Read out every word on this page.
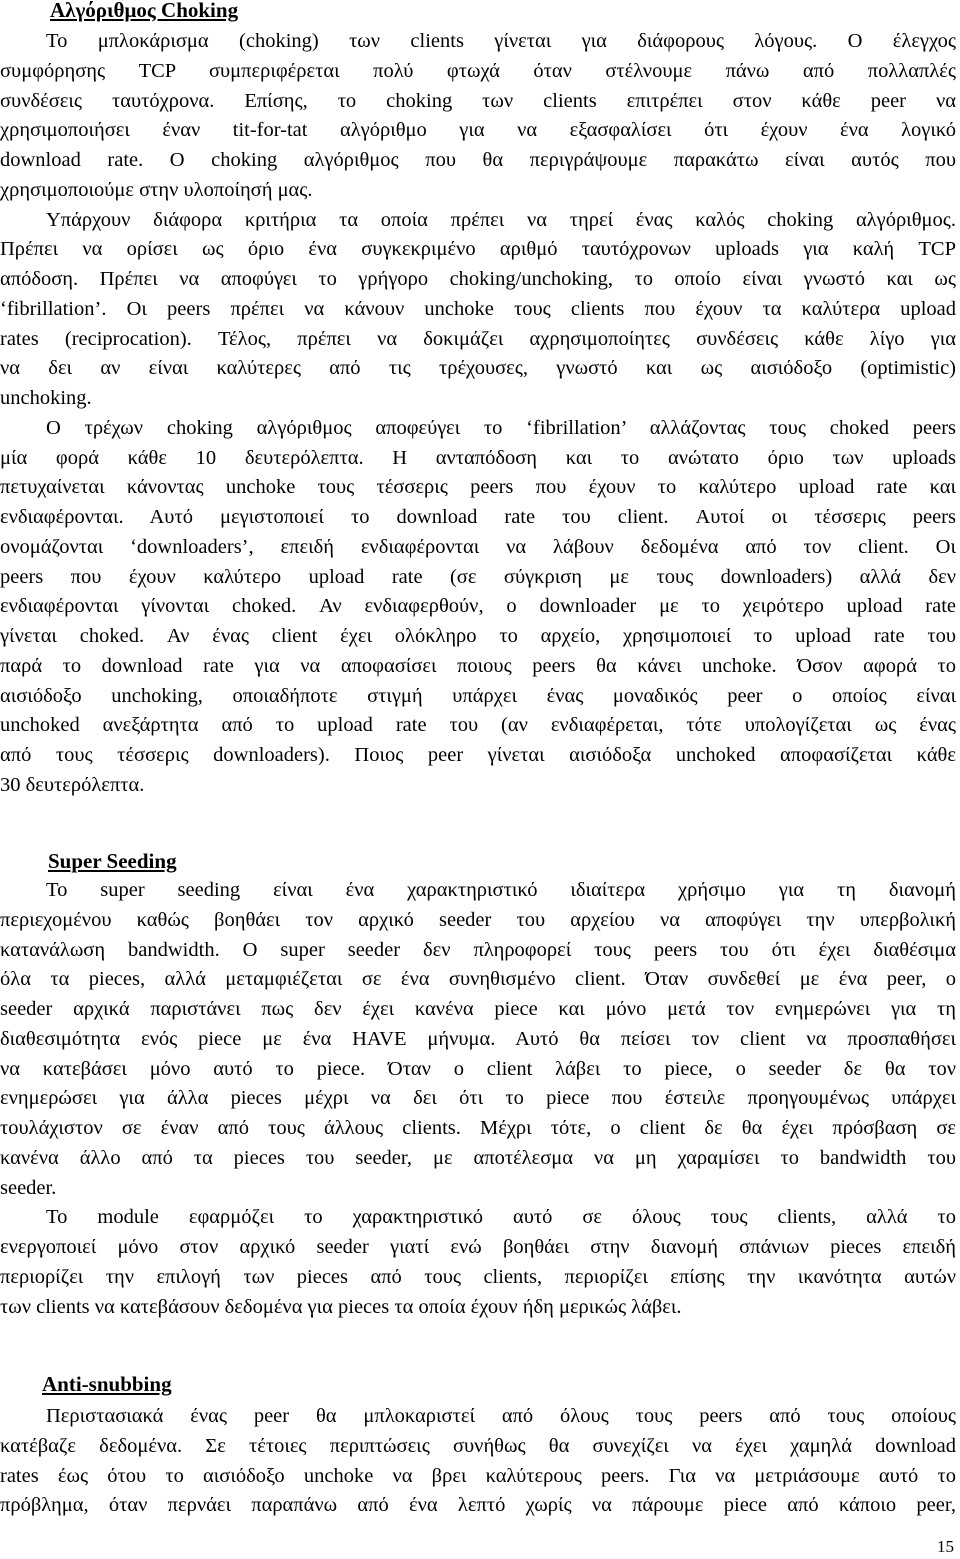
Αλγόριθμος Choking
Το μπλοκάρισμα (choking) των clients γίνεται για διάφορους λόγους. Ο έλεγχος
συμφόρησης TCP συμπεριφέρεται πολύ φτωχά όταν στέλνουμε πάνω από πολλαπλές
συνδέσεις ταυτόχρονα. Επίσης, το choking των clients επιτρέπει στον κάθε peer να
χρησιμοποιήσει έναν tit-for-tat αλγόριθμο για να εξασφαλίσει ότι έχουν ένα λογικό
download rate. Ο choking αλγόριθμος που θα περιγράψουμε παρακάτω είναι αυτός που
χρησιμοποιούμε στην υλοποίησή μας.
Υπάρχουν διάφορα κριτήρια τα οποία πρέπει να τηρεί ένας καλός choking αλγόριθμος.
Πρέπει να ορίσει ως όριο ένα συγκεκριμένο αριθμό ταυτόχρονων uploads για καλή TCP
απόδοση. Πρέπει να αποφύγει το γρήγορο choking/unchoking, το οποίο είναι γνωστό και ως
‘fibrillation’. Οι peers πρέπει να κάνουν unchoke τους clients που έχουν τα καλύτερα upload
rates (reciprocation). Τέλος, πρέπει να δοκιμάζει αχρησιμοποίητες συνδέσεις κάθε λίγο για
να δει αν είναι καλύτερες από τις τρέχουσες, γνωστό και ως αισιόδοξο (optimistic)
unchoking.
Ο τρέχων choking αλγόριθμος αποφεύγει το ‘fibrillation’ αλλάζοντας τους choked peers
μία φορά κάθε 10 δευτερόλεπτα. Η ανταπόδοση και το ανώτατο όριο των uploads
πετυχαίνεται κάνοντας unchoke τους τέσσερις peers που έχουν το καλύτερο upload rate και
ενδιαφέρονται. Αυτό μεγιστοποιεί το download rate του client. Αυτοί οι τέσσερις peers
ονομάζονται ‘downloaders’, επειδή ενδιαφέρονται να λάβουν δεδομένα από τον client. Οι
peers που έχουν καλύτερο upload rate (σε σύγκριση με τους downloaders) αλλά δεν
ενδιαφέρονται γίνονται choked. Αν ενδιαφερθούν, ο downloader με το χειρότερο upload rate
γίνεται choked. Αν ένας client έχει ολόκληρο το αρχείο, χρησιμοποιεί το upload rate του
παρά το download rate για να αποφασίσει ποιους peers θα κάνει unchoke. Όσον αφορά το
αισιόδοξο unchoking, οποιαδήποτε στιγμή υπάρχει ένας μοναδικός peer ο οποίος είναι
unchoked ανεξάρτητα από το upload rate του (αν ενδιαφέρεται, τότε υπολογίζεται ως ένας
από τους τέσσερις downloaders). Ποιος peer γίνεται αισιόδοξα unchoked αποφασίζεται κάθε
30 δευτερόλεπτα.
Super Seeding
Το super seeding είναι ένα χαρακτηριστικό ιδιαίτερα χρήσιμο για τη διανομή
περιεχομένου καθώς βοηθάει τον αρχικό seeder του αρχείου να αποφύγει την υπερβολική
κατανάλωση bandwidth. Ο super seeder δεν πληροφορεί τους peers του ότι έχει διαθέσιμα
όλα τα pieces, αλλά μεταμφιέζεται σε ένα συνηθισμένο client. Όταν συνδεθεί με ένα peer, ο
seeder αρχικά παριστάνει πως δεν έχει κανένα piece και μόνο μετά τον ενημερώνει για τη
διαθεσιμότητα ενός piece με ένα HAVE μήνυμα. Αυτό θα πείσει τον client να προσπαθήσει
να κατεβάσει μόνο αυτό το piece. Όταν ο client λάβει το piece, ο seeder δε θα τον
ενημερώσει για άλλα pieces μέχρι να δει ότι το piece που έστειλε προηγουμένως υπάρχει
τουλάχιστον σε έναν από τους άλλους clients. Μέχρι τότε, ο client δε θα έχει πρόσβαση σε
κανένα άλλο από τα pieces του seeder, με αποτέλεσμα να μη χαραμίσει το bandwidth του
seeder.
Το module εφαρμόζει το χαρακτηριστικό αυτό σε όλους τους clients, αλλά το
ενεργοποιεί μόνο στον αρχικό seeder γιατί ενώ βοηθάει στην διανομή σπάνιων pieces επειδή
περιορίζει την επιλογή των pieces από τους clients, περιορίζει επίσης την ικανότητα αυτών
των clients να κατεβάσουν δεδομένα για pieces τα οποία έχουν ήδη μερικώς λάβει.
Anti-snubbing
Περιστασιακά ένας peer θα μπλοκαριστεί από όλους τους peers από τους οποίους
κατέβαζε δεδομένα. Σε τέτοιες περιπτώσεις συνήθως θα συνεχίζει να έχει χαμηλά download
rates έως ότου το αισιόδοξο unchoke να βρει καλύτερους peers. Για να μετριάσουμε αυτό το
πρόβλημα, όταν περνάει παραπάνω από ένα λεπτό χωρίς να πάρουμε piece από κάποιο peer,
15
